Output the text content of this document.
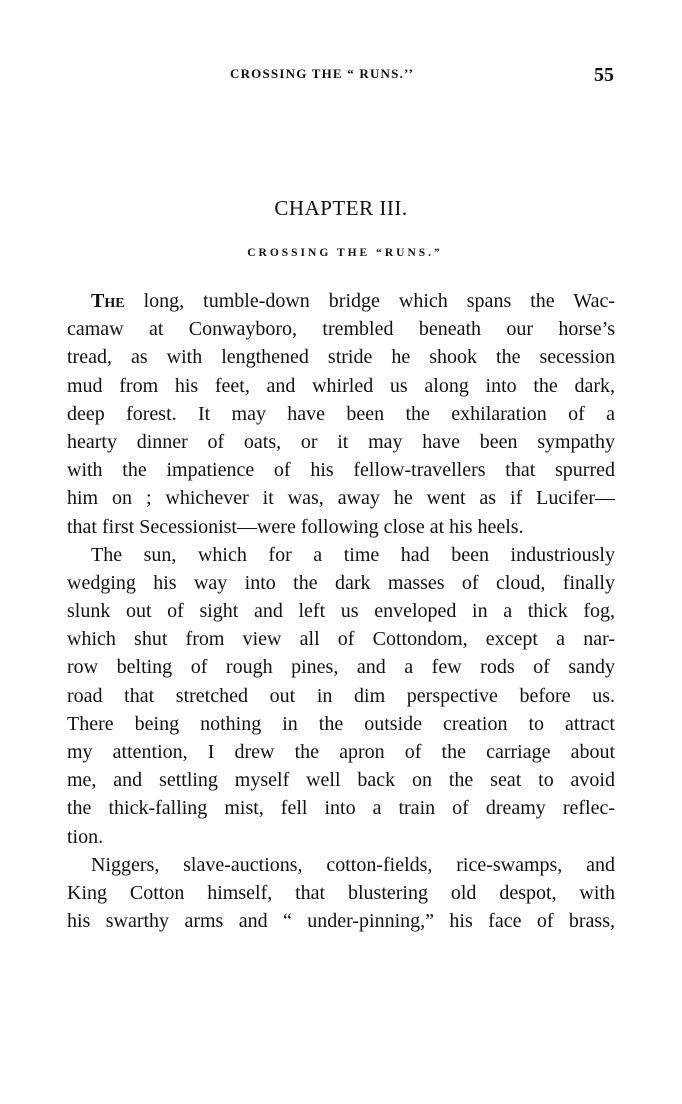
CROSSING THE “ RUNS.’’	55
CHAPTER III.
CROSSING THE “RUNS.”
The long, tumble-down bridge which spans the Wac-
camaw at Conwayboro, trembled beneath our horse’s
tread, as with lengthened stride he shook the secession
mud from his feet, and whirled us along into the dark,
deep forest. It may have been the exhilaration of a
hearty dinner of oats, or it may have been sympathy
with the impatience of his fellow-travellers that spurred
him on ; whichever it was, away he went as if Lucifer—
that first Secessionist—were following close at his heels.
The sun, which for a time had been industriously
wedging his way into the dark masses of cloud, finally
slunk out of sight and left us enveloped in a thick fog,
which shut from view all of Cottondom, except a nar-
row belting of rough pines, and a few rods of sandy
road that stretched out in dim perspective before us.
There being nothing in the outside creation to attract
my attention, I drew the apron of the carriage about
me, and settling myself well back on the seat to avoid
the thick-falling mist, fell into a train of dreamy reflec-
tion.
Niggers, slave-auctions, cotton-fields, rice-swamps, and
King Cotton himself, that blustering old despot, with
his swarthy arms and “ under-pinning,” his face of brass,
